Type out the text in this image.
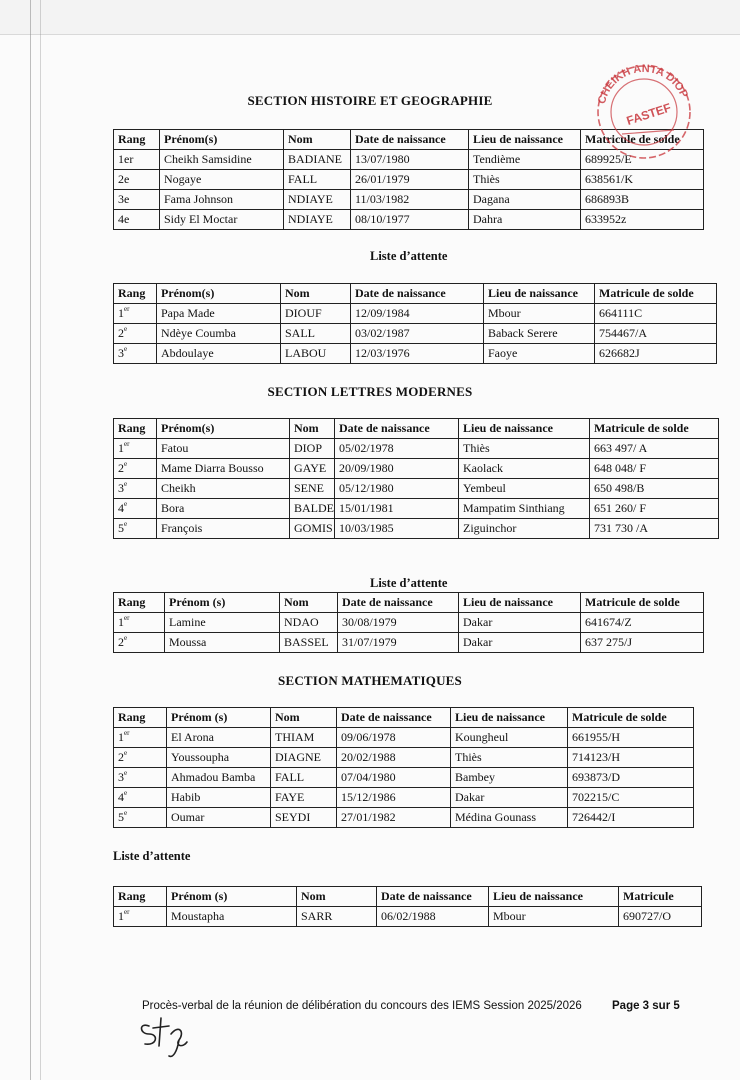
SECTION HISTOIRE ET GEOGRAPHIE
Rang	Prénom(s)	Nom	Date de naissance	Lieu de naissance	Matricule de solde
1er	Cheikh Samsidine	BADIANE	13/07/1980	Tendième	689925/E
2e	Nogaye	FALL	26/01/1979	Thiès	638561/K
3e	Fama Johnson	NDIAYE	11/03/1982	Dagana	686893B
4e	Sidy El Moctar	NDIAYE	08/10/1977	Dahra	633952z
Liste d’attente
Rang	Prénom(s)	Nom	Date de naissance	Lieu de naissance	Matricule de solde
1er	Papa Made	DIOUF	12/09/1984	Mbour	664111C
2e	Ndèye Coumba	SALL	03/02/1987	Baback Serere	754467/A
3e	Abdoulaye	LABOU	12/03/1976	Faoye	626682J
SECTION LETTRES MODERNES
Rang	Prénom(s)	Nom	Date de naissance	Lieu de naissance	Matricule de solde
1er	Fatou	DIOP	05/02/1978	Thiès	663 497/ A
2e	Mame Diarra Bousso	GAYE	20/09/1980	Kaolack	648 048/ F
3e	Cheikh	SENE	05/12/1980	Yembeul	650 498/B
4e	Bora	BALDE	15/01/1981	Mampatim Sinthiang	651 260/ F
5e	François	GOMIS	10/03/1985	Ziguinchor	731 730 /A
Liste d’attente
Rang	Prénom (s)	Nom	Date de naissance	Lieu de naissance	Matricule de solde
1er	Lamine	NDAO	30/08/1979	Dakar	641674/Z
2e	Moussa	BASSEL	31/07/1979	Dakar	637 275/J
SECTION MATHEMATIQUES
Rang	Prénom (s)	Nom	Date de naissance	Lieu de naissance	Matricule de solde
1er	El Arona	THIAM	09/06/1978	Koungheul	661955/H
2e	Youssoupha	DIAGNE	20/02/1988	Thiès	714123/H
3e	Ahmadou Bamba	FALL	07/04/1980	Bambey	693873/D
4e	Habib	FAYE	15/12/1986	Dakar	702215/C
5e	Oumar	SEYDI	27/01/1982	Médina Gounass	726442/I
Liste d’attente
Rang	Prénom (s)	Nom	Date de naissance	Lieu de naissance	Matricule
1er	Moustapha	SARR	06/02/1988	Mbour	690727/O
CHEIKH ANTA DIOP
FASTEF
Procès-verbal de la réunion de délibération du concours des IEMS Session 2025/2026	Page 3 sur 5
